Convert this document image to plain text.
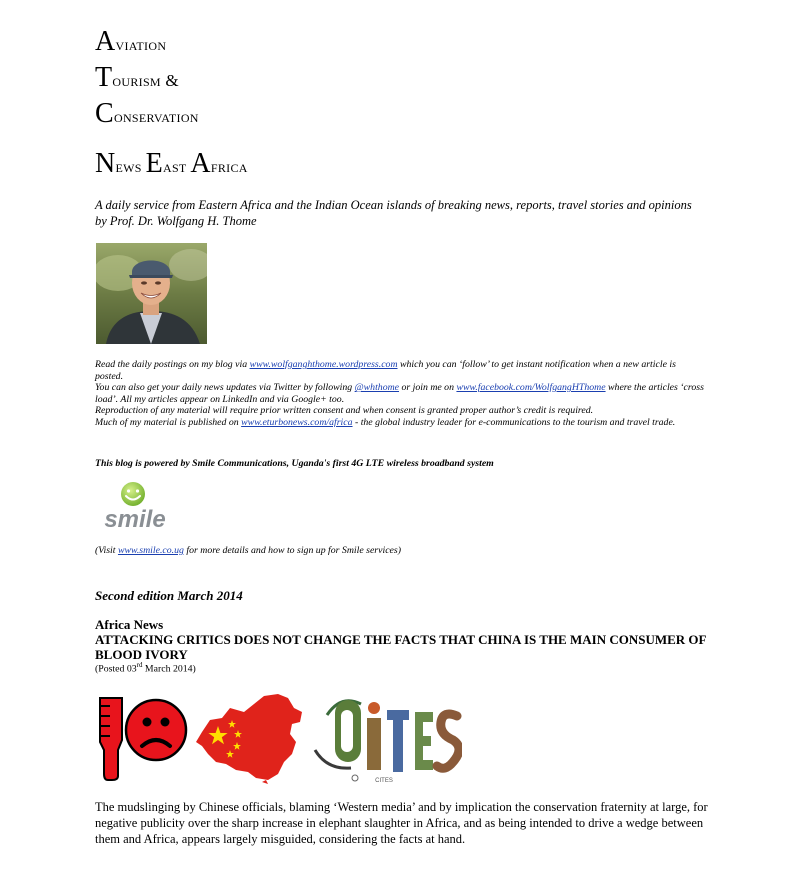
Aviation
Tourism &
Conservation
News East Africa
A daily service from Eastern Africa and the Indian Ocean islands of breaking news, reports, travel stories and opinions by Prof. Dr. Wolfgang H. Thome

Read the daily postings on my blog via www.wolfganghthome.wordpress.com which you can ‘follow’ to get instant notification when a new article is posted.

You can also get your daily news updates via Twitter by following @whthome or join me on www.facebook.com/WolfgangHThome where the articles ‘cross load’. All my articles appear on LinkedIn and via Google+ too.

Reproduction of any material will require prior written consent and when consent is granted proper author’s credit is required.

Much of my material is published on www.eturbonews.com/africa - the global industry leader for e-communications to the tourism and travel trade.

This blog is powered by Smile Communications, Uganda's first 4G LTE wireless broadband system
smile
(Visit www.smile.co.ug for more details and how to sign up for Smile services)
Second edition March 2014
Africa News
ATTACKING CRITICS DOES NOT CHANGE THE FACTS THAT CHINA IS THE MAIN CONSUMER OF BLOOD IVORY
(Posted 03rd March 2014)
CITES
The mudslinging by Chinese officials, blaming ‘Western media’ and by implication the conservation fraternity at large, for negative publicity over the sharp increase in elephant slaughter in Africa, and as being intended to drive a wedge between them and Africa, appears largely misguided, considering the facts at hand.
